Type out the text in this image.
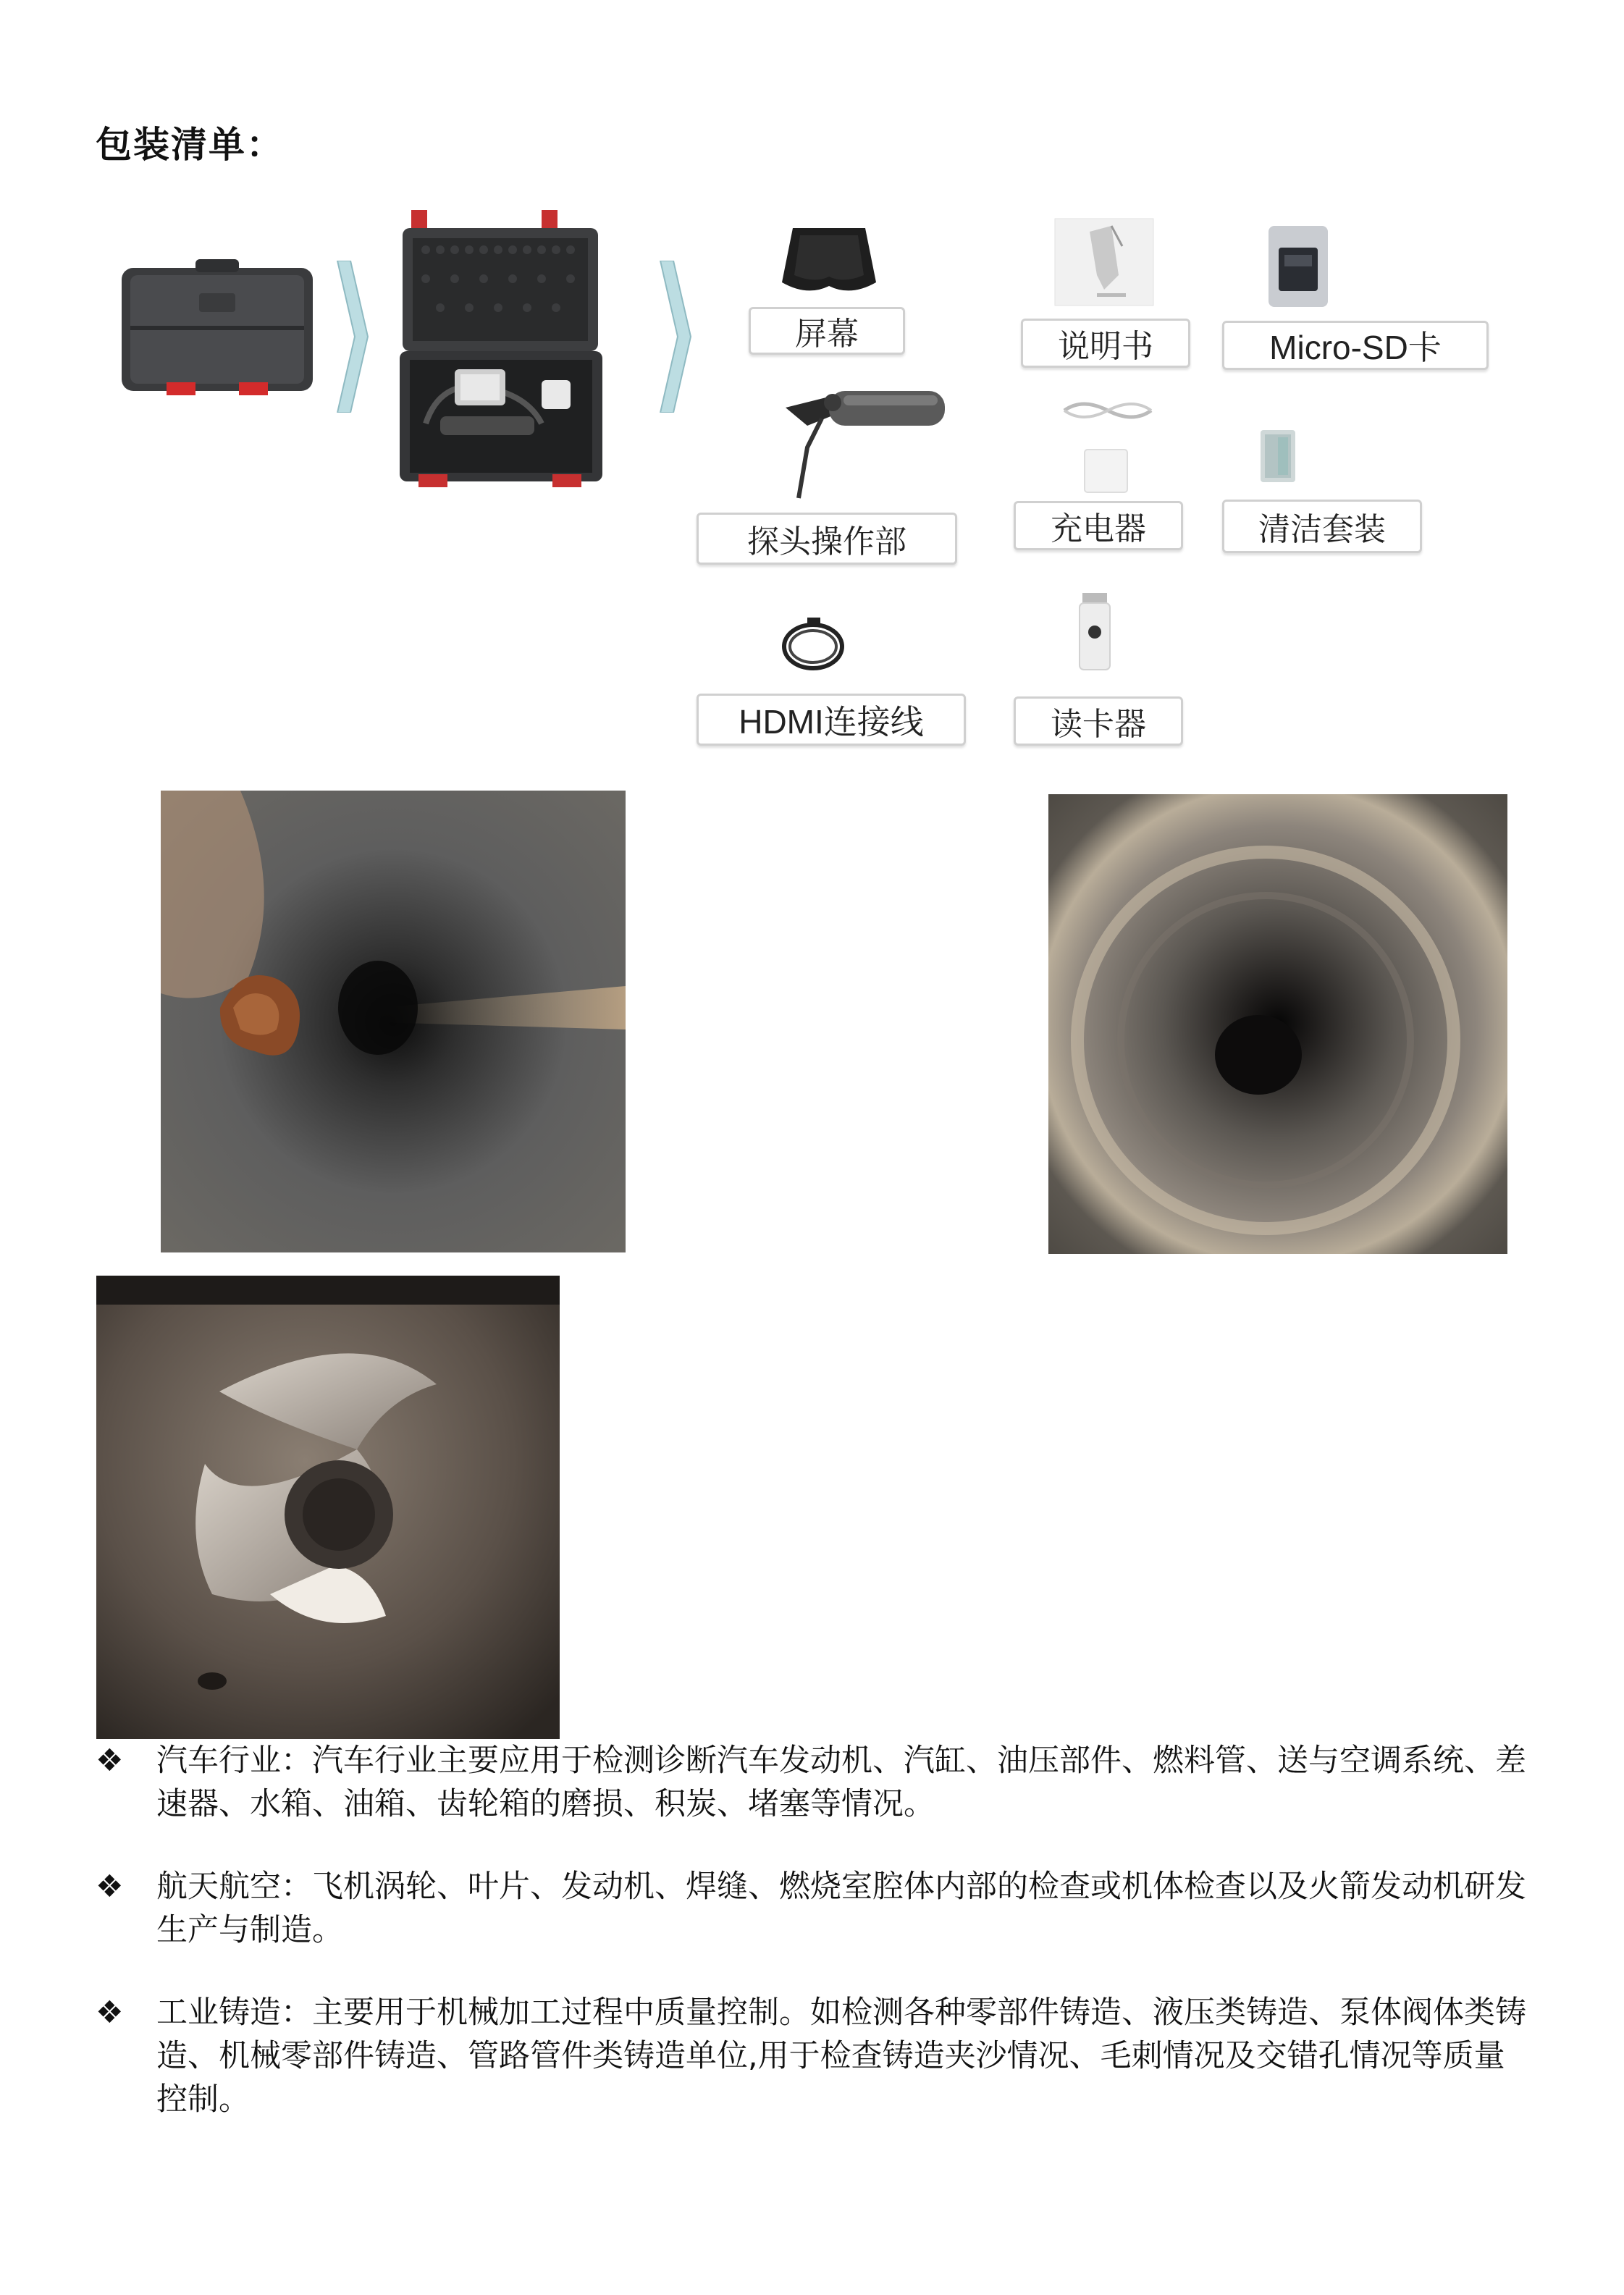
包装清单：
屏幕
探头操作部
HDMI连接线
说明书	Micro-SD卡
充电器	清洁套装
读卡器
❖	汽车行业：汽车行业主要应用于检测诊断汽车发动机、汽缸、油压部件、燃料管、送与空调系统、差速器、水箱、油箱、齿轮箱的磨损、积炭、堵塞等情况。
❖	航天航空：飞机涡轮、叶片、发动机、焊缝、燃烧室腔体内部的检查或机体检查以及火箭发动机研发生产与制造。
❖	工业铸造：主要用于机械加工过程中质量控制。如检测各种零部件铸造、液压类铸造、泵体阀体类铸造、机械零部件铸造、管路管件类铸造单位,用于检查铸造夹沙情况、毛刺情况及交错孔情况等质量控制。
